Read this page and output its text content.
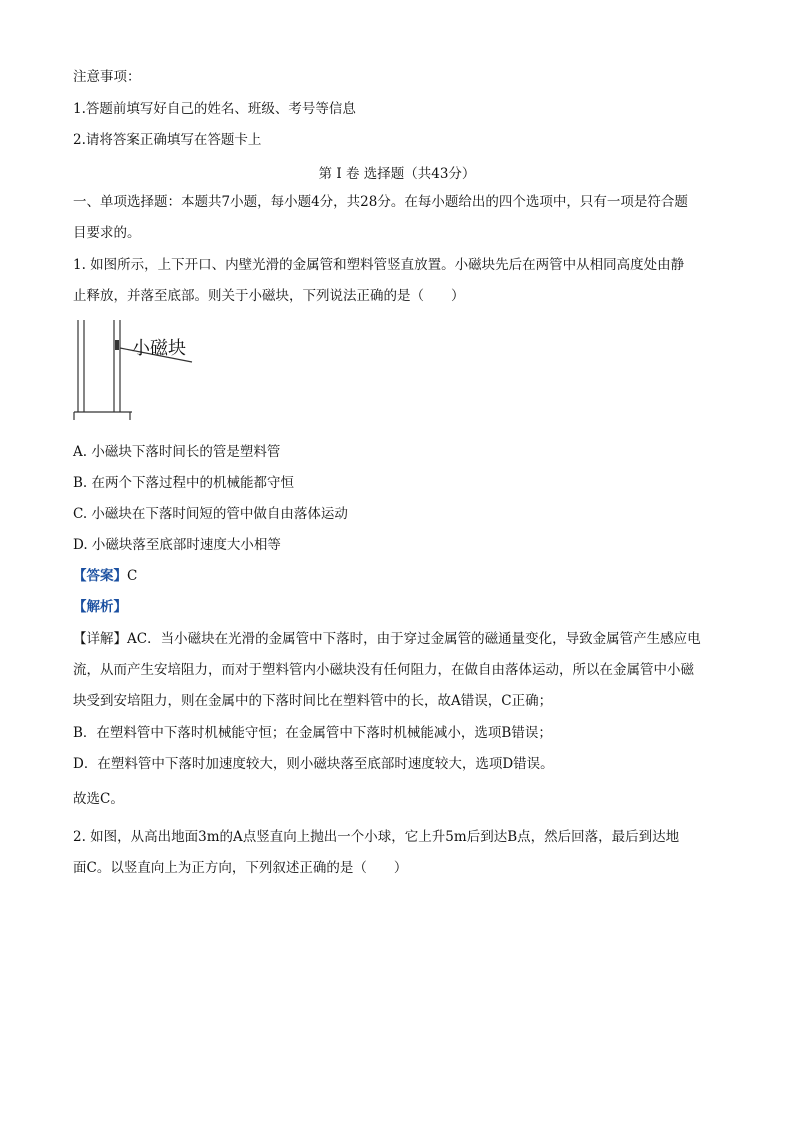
注意事项：
1.答题前填写好自己的姓名、班级、考号等信息
2.请将答案正确填写在答题卡上
第 I 卷 选择题（共43分）
一、单项选择题：本题共7小题，每小题4分，共28分。在每小题给出的四个选项中，只有一项是符合题
目要求的。
1. 如图所示，上下开口、内壁光滑的金属管和塑料管竖直放置。小磁块先后在两管中从相同高度处由静
止释放，并落至底部。则关于小磁块，下列说法正确的是（　　）
小磁块
A. 小磁块下落时间长的管是塑料管
B. 在两个下落过程中的机械能都守恒
C. 小磁块在下落时间短的管中做自由落体运动
D. 小磁块落至底部时速度大小相等
【答案】C
【解析】
【详解】AC．当小磁块在光滑的金属管中下落时，由于穿过金属管的磁通量变化，导致金属管产生感应电
流，从而产生安培阻力，而对于塑料管内小磁块没有任何阻力，在做自由落体运动，所以在金属管中小磁
块受到安培阻力，则在金属中的下落时间比在塑料管中的长，故A错误，C正确；
B．在塑料管中下落时机械能守恒；在金属管中下落时机械能减小，选项B错误；
D．在塑料管中下落时加速度较大，则小磁块落至底部时速度较大，选项D错误。
故选C。
2. 如图，从高出地面3m的A点竖直向上抛出一个小球，它上升5m后到达B点，然后回落，最后到达地
面C。以竖直向上为正方向，下列叙述正确的是（　　）
